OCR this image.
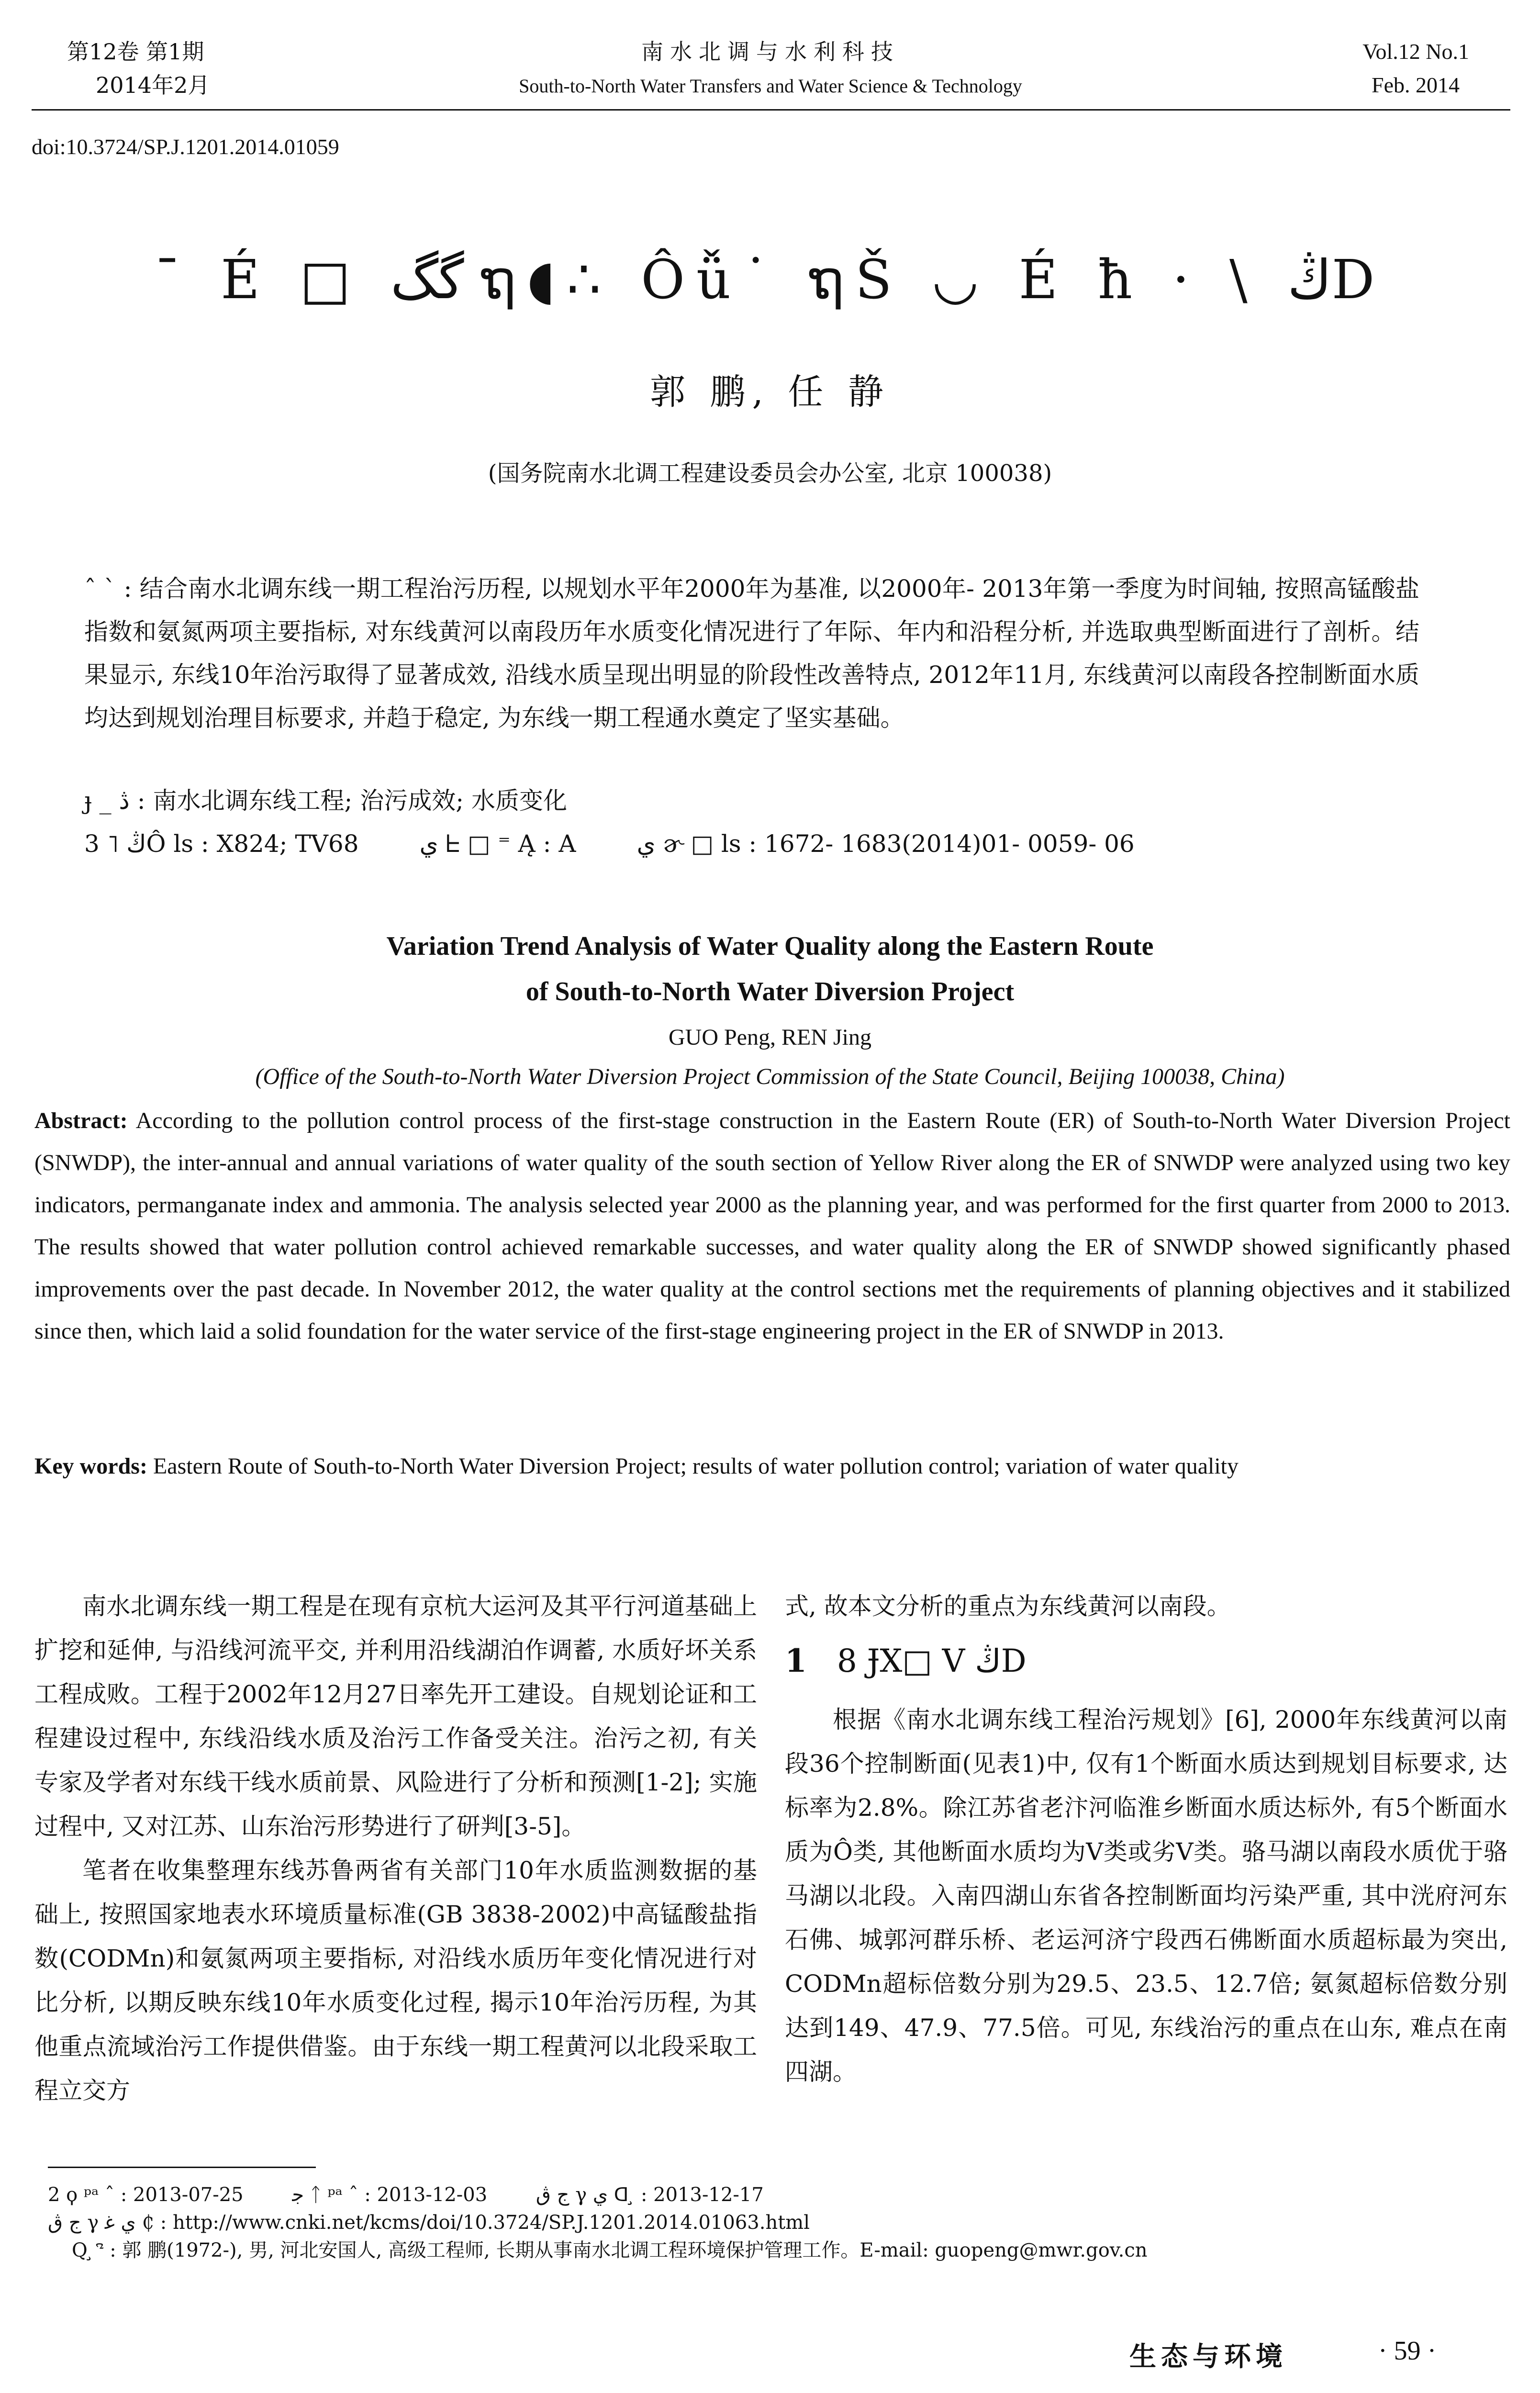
第12卷 第1期
2014年2月
南水北调与水利科技
South-to-North Water Transfers and Water Science & Technology
Vol.12 No.1
Feb. 2014
doi:10.3724/SP.J.1201.2014.01059
¯ É □ گگ ຖ◖∴ Ôǚ˙ ຖŠ ◡ É ħ · \ ڭD
郭 鹏, 任 静
(国务院南水北调工程建设委员会办公室, 北京 100038)
ˆ ˋ : 结合南水北调东线一期工程治污历程, 以规划水平年2000年为基准, 以2000年- 2013年第一季度为时间轴, 按照高锰酸盐指数和氨氮两项主要指标, 对东线黄河以南段历年水质变化情况进行了年际、年内和沿程分析, 并选取典型断面进行了剖析。结果显示, 东线10年治污取得了显著成效, 沿线水质呈现出明显的阶段性改善特点, 2012年11月, 东线黄河以南段各控制断面水质均达到规划治理目标要求, 并趋于稳定, 为东线一期工程通水奠定了坚实基础。
ɟ _ ڎ : 南水北调东线工程; 治污成效; 水质变化
3 ˥ ڭÔ ls : X824; TV68        ي ᖶ □ ⁼ Ą : A        ي ɚ □ ls : 1672- 1683(2014)01- 0059- 06
Variation Trend Analysis of Water Quality along the Eastern Route
of South-to-North Water Diversion Project
GUO Peng, REN Jing
(Office of the South-to-North Water Diversion Project Commission of the State Council, Beijing 100038, China)
Abstract: According to the pollution control process of the first-stage construction in the Eastern Route (ER) of South-to-North Water Diversion Project (SNWDP), the inter-annual and annual variations of water quality of the south section of Yellow River along the ER of SNWDP were analyzed using two key indicators, permanganate index and ammonia. The analysis selected year 2000 as the planning year, and was performed for the first quarter from 2000 to 2013. The results showed that water pollution control achieved remarkable successes, and water quality along the ER of SNWDP showed significantly phased improvements over the past decade. In November 2012, the water quality at the control sections met the requirements of planning objectives and it stabilized since then, which laid a solid foundation for the water service of the first-stage engineering project in the ER of SNWDP in 2013.
Key words: Eastern Route of South-to-North Water Diversion Project; results of water pollution control; variation of water quality

南水北调东线一期工程是在现有京杭大运河及其平行河道基础上扩挖和延伸, 与沿线河流平交, 并利用沿线湖泊作调蓄, 水质好坏关系工程成败。工程于2002年12月27日率先开工建设。自规划论证和工程建设过程中, 东线沿线水质及治污工作备受关注。治污之初, 有关专家及学者对东线干线水质前景、风险进行了分析和预测[1-2]; 实施过程中, 又对江苏、山东治污形势进行了研判[3-5]。

笔者在收集整理东线苏鲁两省有关部门10年水质监测数据的基础上, 按照国家地表水环境质量标准(GB 3838-2002)中高锰酸盐指数(CODMn)和氨氮两项主要指标, 对沿线水质历年变化情况进行对比分析, 以期反映东线10年水质变化过程, 揭示10年治污历程, 为其他重点流域治污工作提供借鉴。由于东线一期工程黄河以北段采取工程立交方

式, 故本文分析的重点为东线黄河以南段。

1 8 ɈX□ V ڭD

根据《南水北调东线工程治污规划》[6], 2000年东线黄河以南段36个控制断面(见表1)中, 仅有1个断面水质达到规划目标要求, 达标率为2.8%。除江苏省老汴河临淮乡断面水质达标外, 有5个断面水质为Ô类, 其他断面水质均为V类或劣V类。骆马湖以南段水质优于骆马湖以北段。入南四湖山东省各控制断面均污染严重, 其中洸府河东石佛、城郭河群乐桥、老运河济宁段西石佛断面水质超标最为突出, CODMn超标倍数分别为29.5、23.5、12.7倍; 氨氮超标倍数分别达到149、47.9、77.5倍。可见, 东线治污的重点在山东, 难点在南四湖。

2 ϙ ᵖᵃ ˆ : 2013-07-25        ﺟ ᛏ ᵖᵃ ˆ : 2013-12-03        ج ڨ γ ي ᗡ ̧ : 2013-12-17
ج ڨ γ ي ﻏ ₵ : http://www.cnki.net/kcms/doi/10.3724/SP.J.1201.2014.01063.html
Q ̧ ᤡ : 郭 鹏(1972-), 男, 河北安国人, 高级工程师, 长期从事南水北调工程环境保护管理工作。E-mail: guopeng@mwr.gov.cn
生态与环境	· 59 ·
